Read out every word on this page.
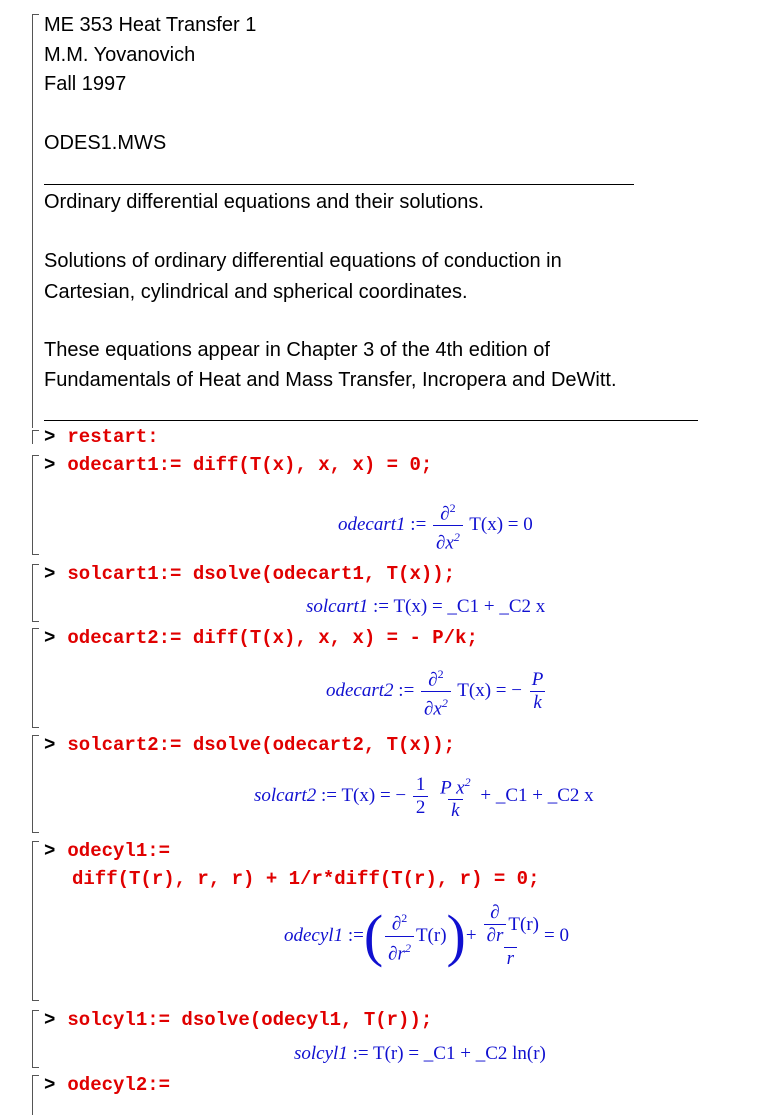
ME 353 Heat Transfer 1
M.M. Yovanovich
Fall 1997
ODES1.MWS
Ordinary differential equations and their solutions.
Solutions of ordinary differential equations of conduction in
Cartesian, cylindrical and spherical coordinates.
These equations appear in Chapter 3 of the 4th edition of
Fundamentals of Heat and Mass Transfer, Incropera and DeWitt.
> restart:
> odecart1:= diff(T(x), x, x) = 0;
odecart1 := $\frac{\partial^2}{\partial x^2} T(x) = 0$
> solcart1:= dsolve(odecart1, T(x));
solcart1 := T(x) = _C1 + _C2 x
> odecart2:= diff(T(x), x, x) = - P/k;
odecart2 := $\frac{\partial^2}{\partial x^2} T(x)$ = − $\frac{P}{k}$
> solcart2:= dsolve(odecart2, T(x));
solcart2 := T(x) = − $\frac{1}{2}$
$\frac{P x^2}{k}$ + _C1 + _C2 x
> odecyl1:=
diff(T(r), r, r) + 1/r*diff(T(r), r) = 0;
odecyl1
:= ( $\frac{\partial^2}{\partial r^2} T(r)$ ) + $\frac{\frac{\partial}{\partial r} T(r)}{r} = 0$
> solcyl1:= dsolve(odecyl1, T(r));
solcyl1 := T(r) = _C1 + _C2 ln(r)
> odecyl2:=
